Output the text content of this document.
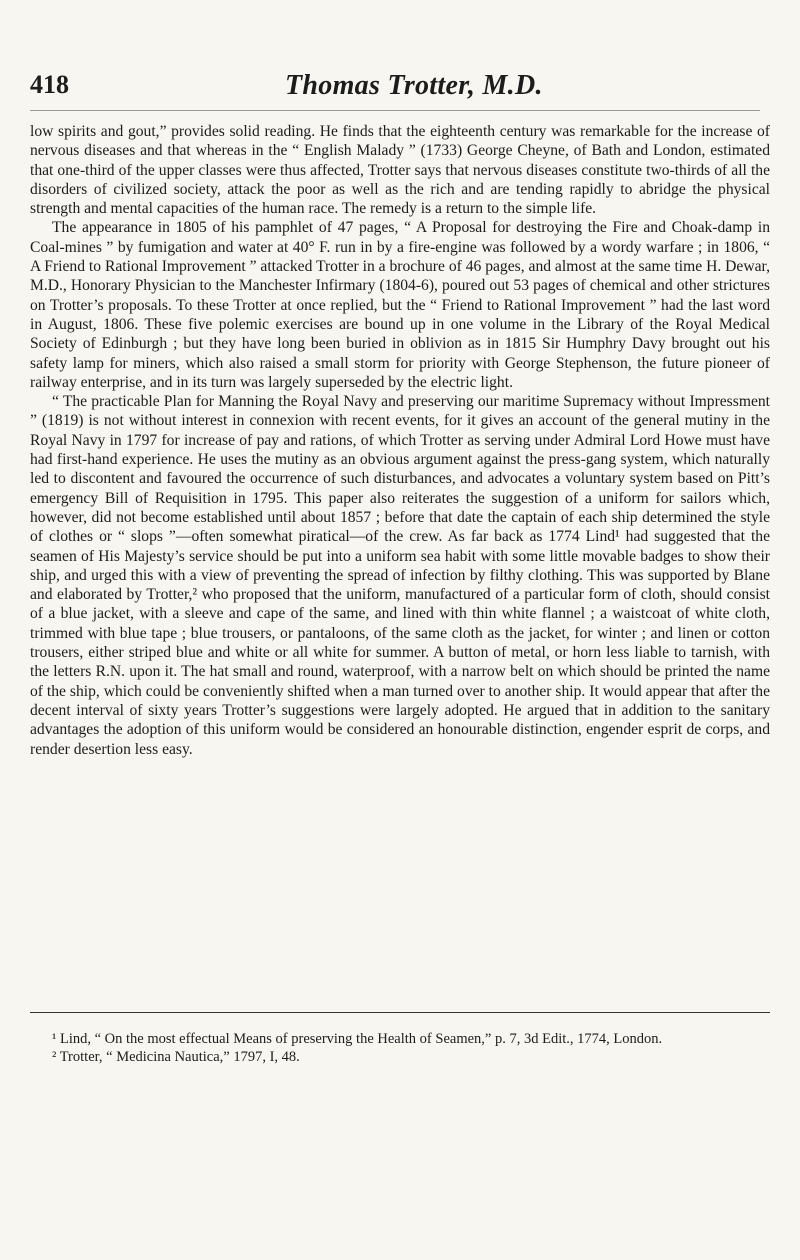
418	Thomas Trotter, M.D.

low spirits and gout,” provides solid reading. He finds that the eighteenth century was remarkable for the increase of nervous diseases and that whereas in the “ English Malady ” (1733) George Cheyne, of Bath and London, estimated that one-third of the upper classes were thus affected, Trotter says that nervous diseases constitute two-thirds of all the disorders of civilized society, attack the poor as well as the rich and are tending rapidly to abridge the physical strength and mental capacities of the human race. The remedy is a return to the simple life.

The appearance in 1805 of his pamphlet of 47 pages, “ A Proposal for destroying the Fire and Choak-damp in Coal-mines ” by fumigation and water at 40° F. run in by a fire-engine was followed by a wordy warfare ; in 1806, “ A Friend to Rational Improvement ” attacked Trotter in a brochure of 46 pages, and almost at the same time H. Dewar, M.D., Honorary Physician to the Manchester Infirmary (1804-6), poured out 53 pages of chemical and other strictures on Trotter’s proposals. To these Trotter at once replied, but the “ Friend to Rational Improvement ” had the last word in August, 1806. These five polemic exercises are bound up in one volume in the Library of the Royal Medical Society of Edinburgh ; but they have long been buried in oblivion as in 1815 Sir Humphry Davy brought out his safety lamp for miners, which also raised a small storm for priority with George Stephenson, the future pioneer of railway enterprise, and in its turn was largely superseded by the electric light.

“ The practicable Plan for Manning the Royal Navy and preserving our maritime Supremacy without Impressment ” (1819) is not without interest in connexion with recent events, for it gives an account of the general mutiny in the Royal Navy in 1797 for increase of pay and rations, of which Trotter as serving under Admiral Lord Howe must have had first-hand experience. He uses the mutiny as an obvious argument against the press-gang system, which naturally led to discontent and favoured the occurrence of such disturbances, and advocates a voluntary system based on Pitt’s emergency Bill of Requisition in 1795. This paper also reiterates the suggestion of a uniform for sailors which, however, did not become established until about 1857 ; before that date the captain of each ship determined the style of clothes or “ slops ”—often somewhat piratical—of the crew. As far back as 1774 Lind¹ had suggested that the seamen of His Majesty’s service should be put into a uniform sea habit with some little movable badges to show their ship, and urged this with a view of preventing the spread of infection by filthy clothing. This was supported by Blane and elaborated by Trotter,² who proposed that the uniform, manufactured of a particular form of cloth, should consist of a blue jacket, with a sleeve and cape of the same, and lined with thin white flannel ; a waistcoat of white cloth, trimmed with blue tape ; blue trousers, or pantaloons, of the same cloth as the jacket, for winter ; and linen or cotton trousers, either striped blue and white or all white for summer. A button of metal, or horn less liable to tarnish, with the letters R.N. upon it. The hat small and round, waterproof, with a narrow belt on which should be printed the name of the ship, which could be conveniently shifted when a man turned over to another ship. It would appear that after the decent interval of sixty years Trotter’s suggestions were largely adopted. He argued that in addition to the sanitary advantages the adoption of this uniform would be considered an honourable distinction, engender esprit de corps, and render desertion less easy.

¹ Lind, “ On the most effectual Means of preserving the Health of Seamen,” p. 7, 3d Edit., 1774, London.

² Trotter, “ Medicina Nautica,” 1797, I, 48.
